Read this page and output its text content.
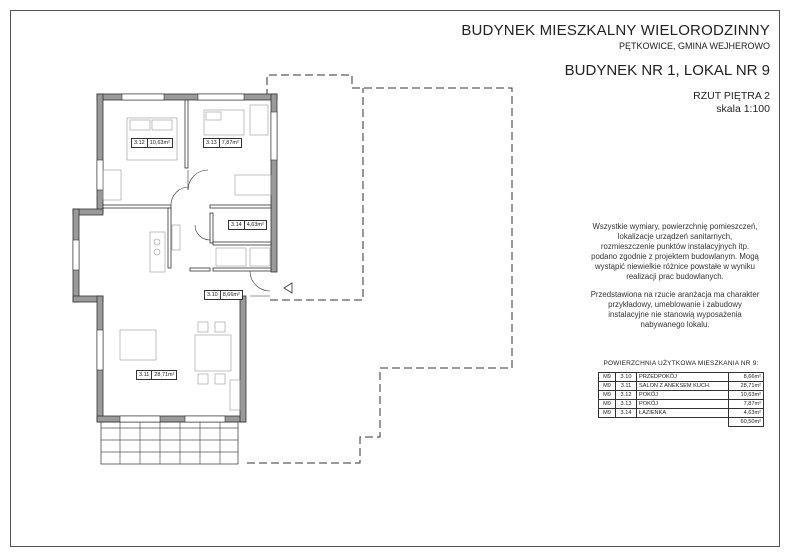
BUDYNEK MIESZKALNY WIELORODZINNY
PĘTKOWICE, GMINA WEJHEROWO
BUDYNEK NR 1, LOKAL NR 9
RZUT PIĘTRA 2
skala 1:100
3.12 10,63m²	3.13 7,87m²
3.14 4,63m²
3.10 8,66m²
3.11 28,71m²

Wszystkie wymiary, powierzchnię pomieszczeń, lokalizacje urządzeń sanitarnych, rozmieszczenie punktów instalacyjnych itp. podano zgodnie z projektem budowlanym. Mogą wystąpić niewielkie różnice powstałe w wyniku realizacji prac budowlanych.

Przedstawiona na rzucie aranżacja ma charakter przykładowy, umeblowanie i zabudowy instalacyjne nie stanowią wyposażenia nabywanego lokalu.

POWIERZCHNIA UŻYTKOWA MIESZKANIA NR 9:
M9	3.10	PRZEDPOKÓJ	8,66m²
M9	3.11	SALON Z ANEKSEM KUCH.	28,71m²
M9	3.12	POKÓJ	10,63m²
M9	3.13	POKÓJ	7,87m²
M9	3.14	ŁAZIENKA	4,63m²
			60,50m²
